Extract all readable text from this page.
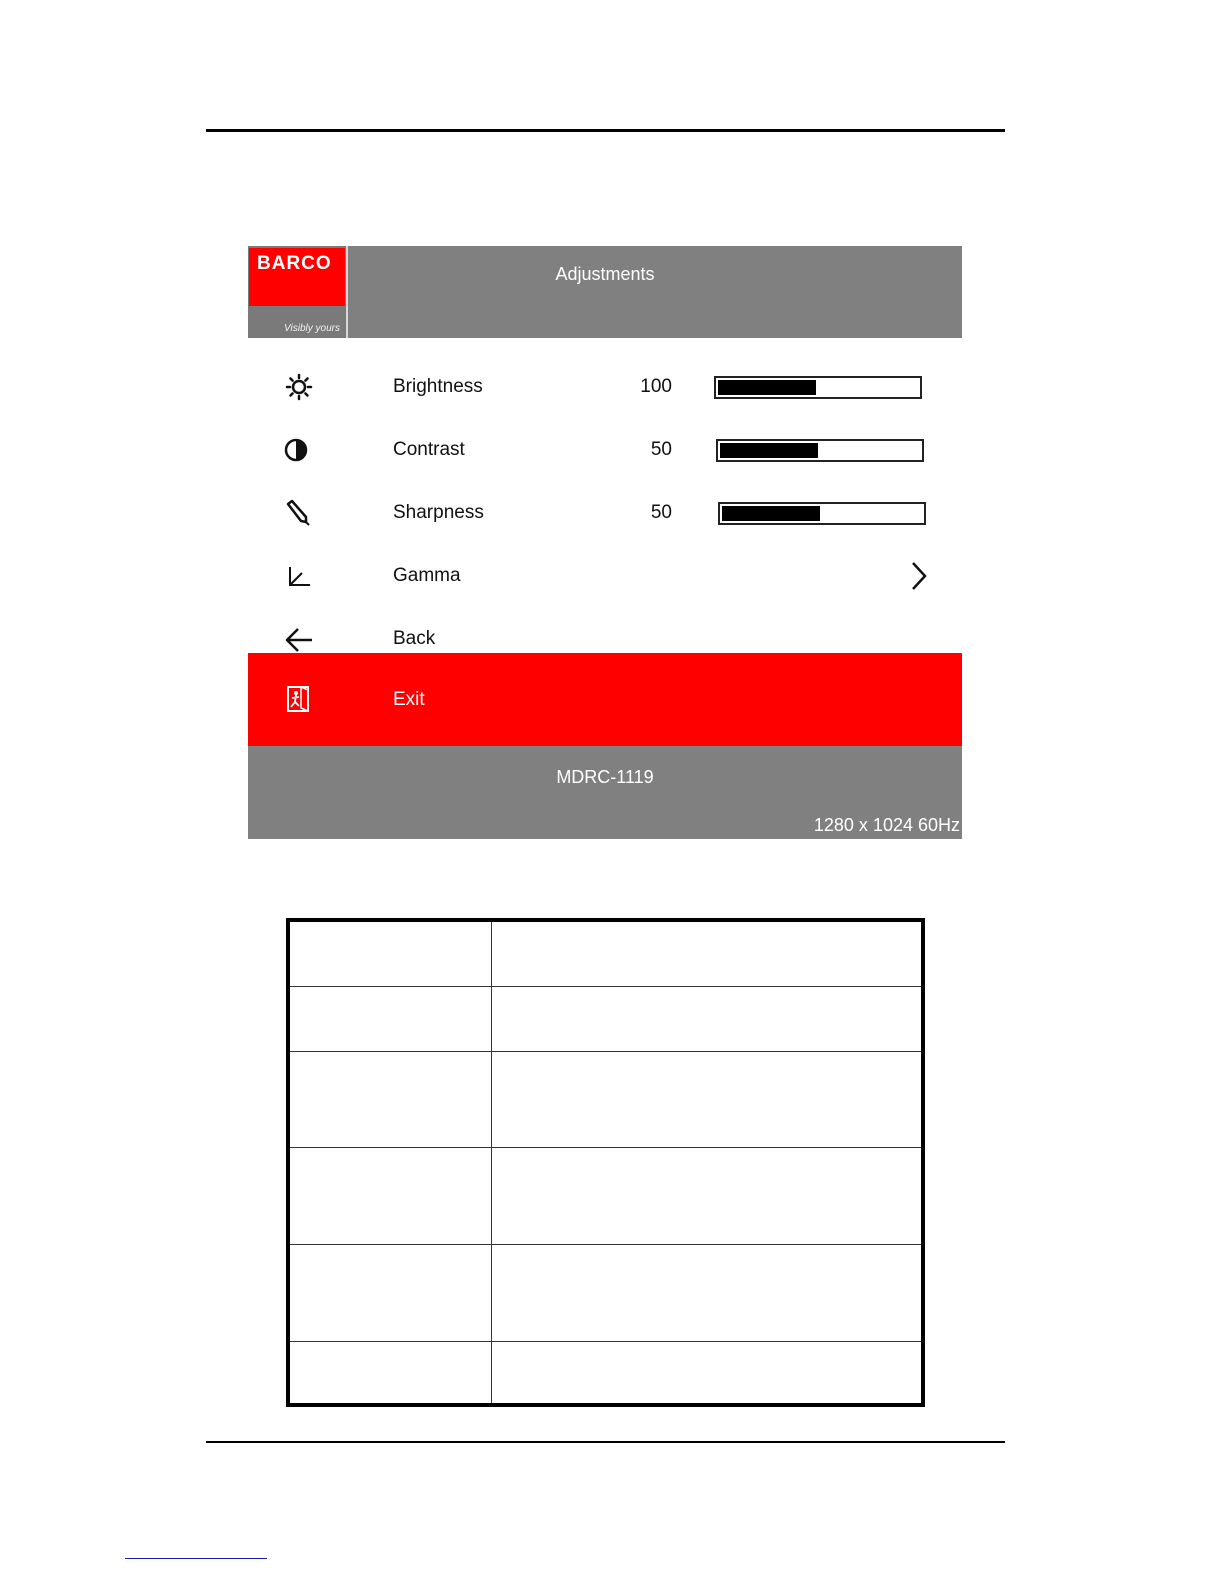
BARCO
Visibly yours
Adjustments
Brightness	100
Contrast	50
Sharpness	50
Gamma
Back
Exit
MDRC-1119
1280 x 1024 60Hz
